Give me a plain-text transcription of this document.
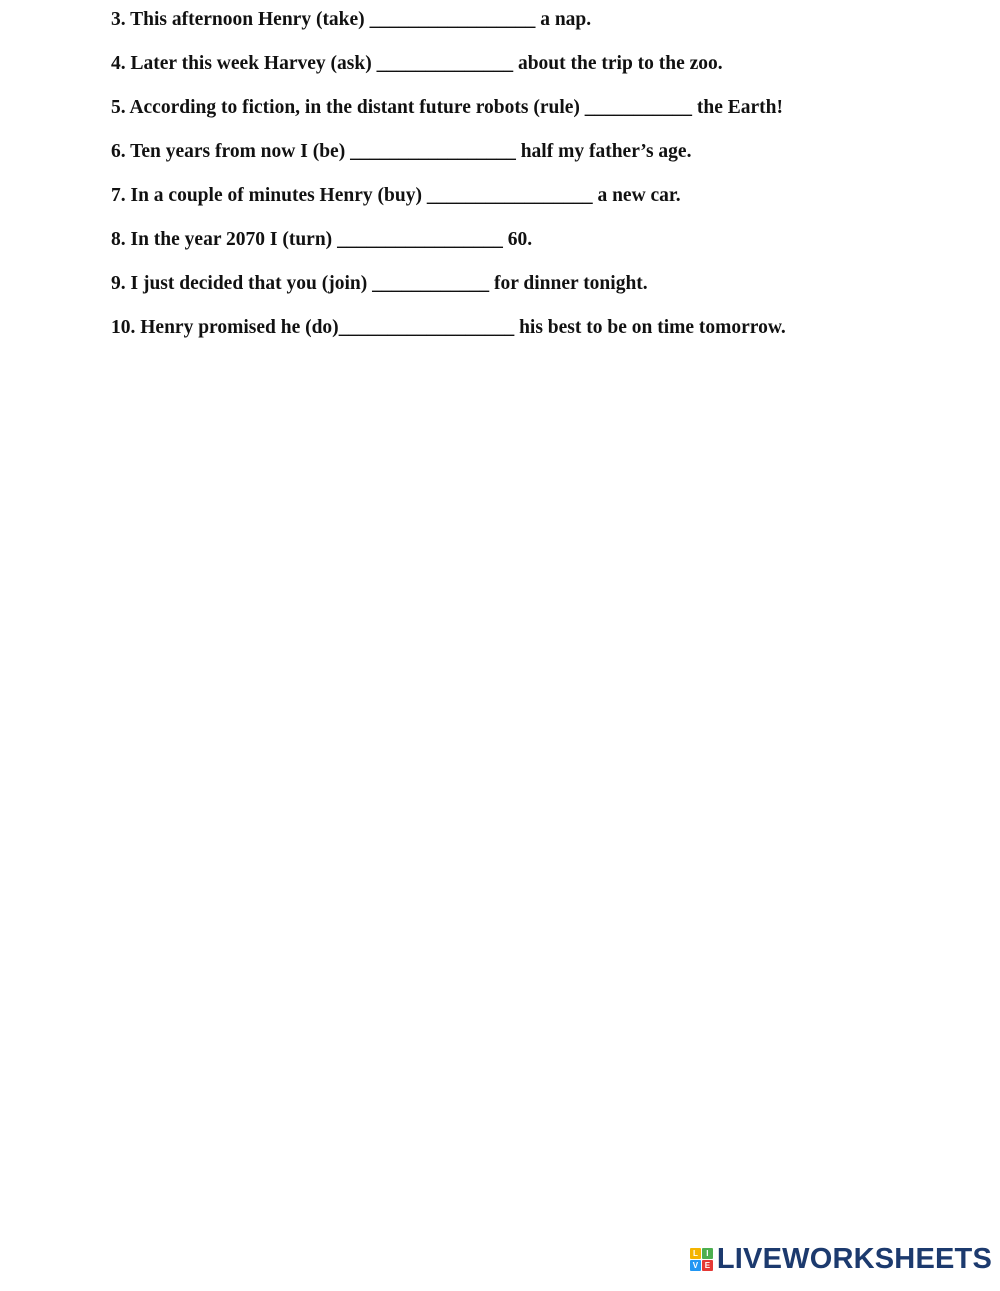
3. This afternoon Henry (take) _________________ a nap.
4. Later this week Harvey (ask) ______________ about the trip to the zoo.
5. According to fiction, in the distant future robots (rule) ___________ the Earth!
6. Ten years from now I (be) _________________ half my father’s age.
7. In a couple of minutes Henry (buy) _________________ a new car.
8. In the year 2070 I (turn) _________________ 60.
9. I just decided that you (join) ____________ for dinner tonight.
10. Henry promised he (do)__________________ his best to be on time tomorrow.
L	I
V E LIVEWORKSHEETS
